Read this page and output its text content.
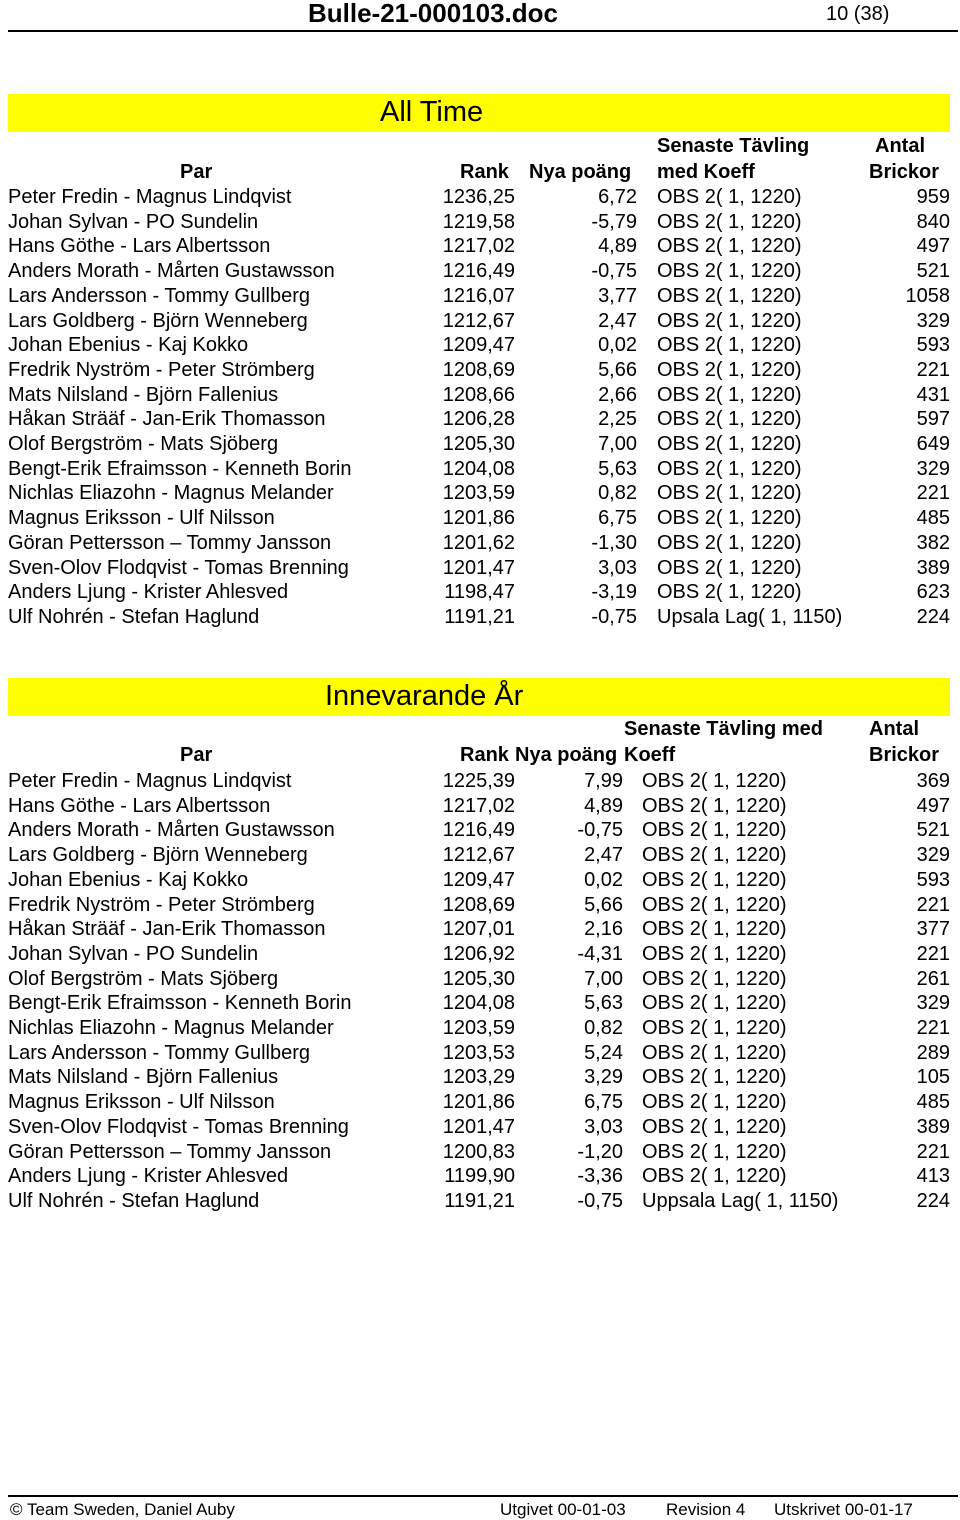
Bulle-21-000103.doc	10 (38)
All Time
Par	Rank Nya poäng
Senaste Tävling
med Koeff
Antal
Brickor
Peter Fredin - Magnus Lindqvist	1236,25	6,72 OBS 2( 1, 1220)	959
Johan Sylvan - PO Sundelin	1219,58	-5,79 OBS 2( 1, 1220)	840
Hans Göthe - Lars Albertsson	1217,02	4,89 OBS 2( 1, 1220)	497
Anders Morath - Mårten Gustawsson	1216,49	-0,75 OBS 2( 1, 1220)	521
Lars Andersson - Tommy Gullberg	1216,07	3,77 OBS 2( 1, 1220)	1058
Lars Goldberg - Björn Wenneberg	1212,67	2,47 OBS 2( 1, 1220)	329
Johan Ebenius - Kaj Kokko	1209,47	0,02 OBS 2( 1, 1220)	593
Fredrik Nyström - Peter Strömberg	1208,69	5,66 OBS 2( 1, 1220)	221
Mats Nilsland - Björn Fallenius	1208,66	2,66 OBS 2( 1, 1220)	431
Håkan Strääf - Jan-Erik Thomasson	1206,28	2,25 OBS 2( 1, 1220)	597
Olof Bergström - Mats Sjöberg	1205,30	7,00 OBS 2( 1, 1220)	649
Bengt-Erik Efraimsson - Kenneth Borin	1204,08	5,63 OBS 2( 1, 1220)	329
Nichlas Eliazohn - Magnus Melander	1203,59	0,82 OBS 2( 1, 1220)	221
Magnus Eriksson - Ulf Nilsson	1201,86	6,75 OBS 2( 1, 1220)	485
Göran Pettersson – Tommy Jansson	1201,62	-1,30 OBS 2( 1, 1220)	382
Sven-Olov Flodqvist - Tomas Brenning	1201,47	3,03 OBS 2( 1, 1220)	389
Anders Ljung - Krister Ahlesved	1198,47	-3,19 OBS 2( 1, 1220)	623
Ulf Nohrén - Stefan Haglund	1191,21	-0,75 Upsala Lag( 1, 1150)	224
Innevarande År
Par	Rank Nya poäng
Senaste Tävling med
Koeff
Antal
Brickor
Peter Fredin - Magnus Lindqvist	1225,39	7,99 OBS 2( 1, 1220)	369
Hans Göthe - Lars Albertsson	1217,02	4,89 OBS 2( 1, 1220)	497
Anders Morath - Mårten Gustawsson	1216,49	-0,75 OBS 2( 1, 1220)	521
Lars Goldberg - Björn Wenneberg	1212,67	2,47 OBS 2( 1, 1220)	329
Johan Ebenius - Kaj Kokko	1209,47	0,02 OBS 2( 1, 1220)	593
Fredrik Nyström - Peter Strömberg	1208,69	5,66 OBS 2( 1, 1220)	221
Håkan Strääf - Jan-Erik Thomasson	1207,01	2,16 OBS 2( 1, 1220)	377
Johan Sylvan - PO Sundelin	1206,92	-4,31 OBS 2( 1, 1220)	221
Olof Bergström - Mats Sjöberg	1205,30	7,00 OBS 2( 1, 1220)	261
Bengt-Erik Efraimsson - Kenneth Borin	1204,08	5,63 OBS 2( 1, 1220)	329
Nichlas Eliazohn - Magnus Melander	1203,59	0,82 OBS 2( 1, 1220)	221
Lars Andersson - Tommy Gullberg	1203,53	5,24 OBS 2( 1, 1220)	289
Mats Nilsland - Björn Fallenius	1203,29	3,29 OBS 2( 1, 1220)	105
Magnus Eriksson - Ulf Nilsson	1201,86	6,75 OBS 2( 1, 1220)	485
Sven-Olov Flodqvist - Tomas Brenning	1201,47	3,03 OBS 2( 1, 1220)	389
Göran Pettersson – Tommy Jansson	1200,83	-1,20 OBS 2( 1, 1220)	221
Anders Ljung - Krister Ahlesved	1199,90	-3,36 OBS 2( 1, 1220)	413
Ulf Nohrén - Stefan Haglund	1191,21	-0,75 Uppsala Lag( 1, 1150)	224
© Team Sweden, Daniel Auby	Utgivet 00-01-03 Revision 4 Utskrivet 00-01-17
